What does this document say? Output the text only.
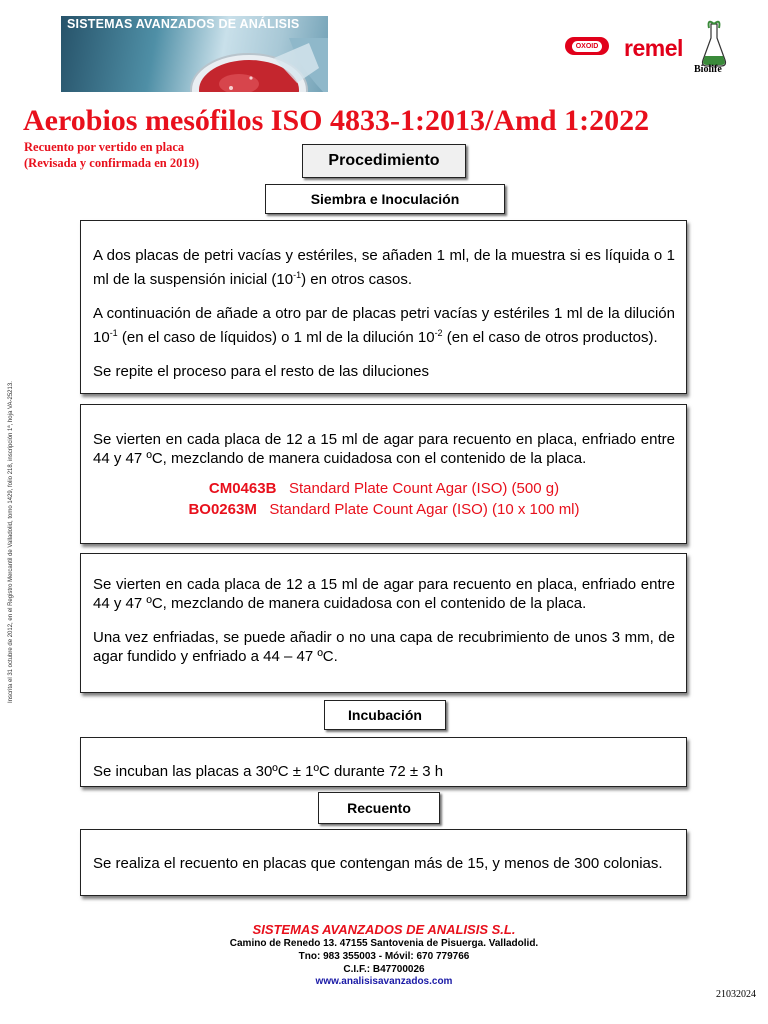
SISTEMAS AVANZADOS DE ANÁLISIS
OXOID remel
Biolife
Aerobios mesófilos ISO 4833-1:2013/Amd 1:2022
Recuento por vertido en placa
(Revisada y confirmada en 2019)	Procedimiento
Siembra e Inoculación

A dos placas de petri vacías y estériles, se añaden 1 ml, de la muestra si es líquida o 1 ml de la suspensión inicial $(10^{-1})$ en otros casos.

A continuación de añade a otro par de placas petri vacías y estériles 1 ml de la dilución $10^{-1}$ (en el caso de líquidos) o 1 ml de la dilución $10^{-2}$ (en el caso de otros productos).

Se repite el proceso para el resto de las diluciones

Se vierten en cada placa de 12 a 15 ml de agar para recuento en placa, enfriado entre 44 y 47 ºC, mezclando de manera cuidadosa con el contenido de la placa.

CM0463B Standard Plate Count Agar (ISO) (500 g)
BO0263M Standard Plate Count Agar (ISO) (10 x 100 ml)

Se vierten en cada placa de 12 a 15 ml de agar para recuento en placa, enfriado entre 44 y 47 ºC, mezclando de manera cuidadosa con el contenido de la placa.

Una vez enfriadas, se puede añadir o no una capa de recubrimiento de unos 3 mm, de agar fundido y enfriado a 44 – 47 ºC.

Incubación

Se incuban las placas a 30ºC ± 1ºC durante 72 ± 3 h

Recuento

Se realiza el recuento en placas que contengan más de 15, y menos de 300 colonias.

Inscrita el 31 octubre de 2012, en el Registro Mercantil de Valladolid, tomo 1429, folio 218, inscripción 1ª, hoja VA-25213.
SISTEMAS AVANZADOS DE ANALISIS S.L.
Camino de Renedo 13. 47155 Santovenia de Pisuerga. Valladolid.
Tno: 983 355003 - Móvil: 670 779766
C.I.F.: B47700026
www.analisisavanzados.com
21032024
